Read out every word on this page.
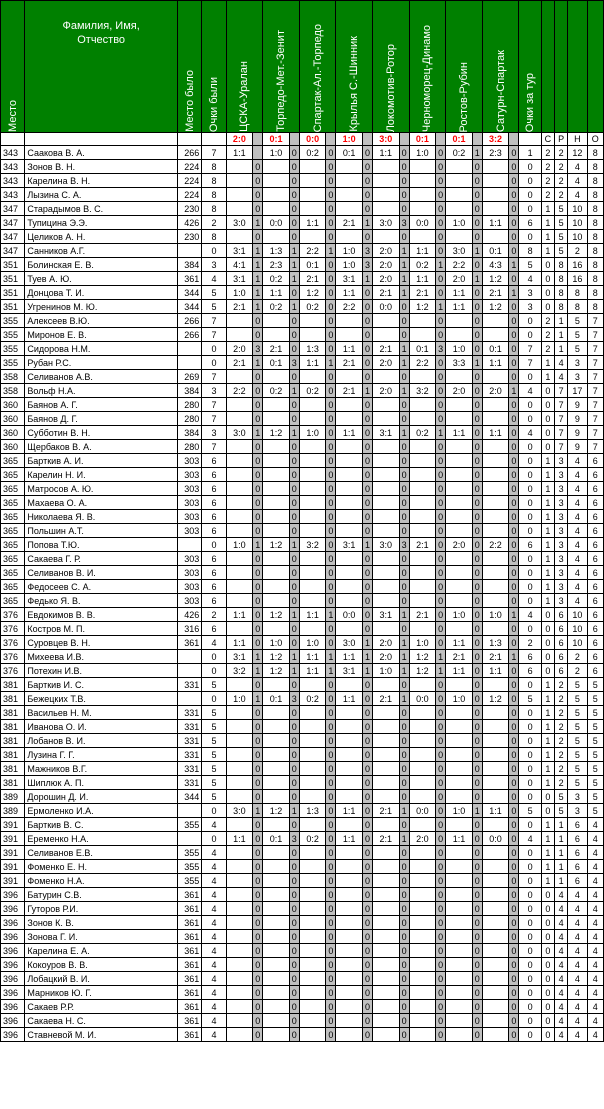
Место	Фамилия, Имя, Отчество	Место было	Очки были	ЦСКА-Уралан		Торпедо-Мет.-Зенит		Спартак-Ал.-Торпедо		Крылья С.-Шинник		Локомотив-Ротор		Черноморец-Динамо		Ростов-Рубин		Сатурн-Спартак		Очки за тур				

				2:0		0:1		0:0		1:0		3:0		0:1		0:1		3:2			С	Р	Н	О
343	Саакова В. А.	266	7	1:1		1:0	0	0:2	0	0:1	0	1:1	0	1:0	0	0:2	1	2:3	0	1	2	2	12	8
343	Зонов В. Н.	224	8		0		0		0		0		0		0		0		0	0	2	2	4	8
343	Карелина В. Н.	224	8		0		0		0		0		0		0		0		0	0	2	2	4	8
343	Лызина С. А.	224	8		0		0		0		0		0		0		0		0	0	2	2	4	8
347	Старадымов В. С.	230	8		0		0		0		0		0		0		0		0	0	1	5	10	8
347	Тупицина Э.Э.	426	2	3:0	1	0:0	0	1:1	0	2:1	1	3:0	3	0:0	0	1:0	0	1:1	0	6	1	5	10	8
347	Целиков А. Н.	230	8		0		0		0		0		0		0		0		0	0	1	5	10	8
347	Санников А.Г.		0	3:1	1	1:3	1	2:2	1	1:0	3	2:0	1	1:1	0	3:0	1	0:1	0	8	1	5	2	8
351	Болинская Е. В.	384	3	4:1	1	2:3	1	0:1	0	1:0	3	2:0	1	0:2	1	2:2	0	4:3	1	5	0	8	16	8
351	Туев А. Ю.	361	4	3:1	1	0:2	1	2:1	0	3:1	1	2:0	1	1:1	0	2:0	1	1:2	0	4	0	8	16	8
351	Донцова Т. И.	344	5	1:0	1	1:1	0	1:2	0	1:1	0	2:1	1	2:1	0	1:1	0	2:1	1	3	0	8	8	8
351	Угренинов М. Ю.	344	5	2:1	1	0:2	1	0:2	0	2:2	0	0:0	0	1:2	1	1:1	0	1:2	0	3	0	8	8	8
355	Алексеев В.Ю.	266	7		0		0		0		0		0		0		0		0	0	2	1	5	7
355	Миронов Е. В.	266	7		0		0		0		0		0		0		0		0	0	2	1	5	7
355	Сидорова Н.М.		0	2:0	3	2:1	0	1:3	0	1:1	0	2:1	1	0:1	3	1:0	0	0:1	0	7	2	1	5	7
355	Рубан Р.С.		0	2:1	1	0:1	3	1:1	1	2:1	0	2:0	1	2:2	0	3:3	1	1:1	0	7	1	4	3	7
358	Селиванов А.В.	269	7		0		0		0		0		0		0		0		0	0	1	4	3	7
358	Вольф Н.А.	384	3	2:2	0	0:2	1	0:2	0	2:1	1	2:0	1	3:2	0	2:0	0	2:0	1	4	0	7	17	7
360	Баянов А. Г.	280	7		0		0		0		0		0		0		0		0	0	0	7	9	7
360	Баянов Д. Г.	280	7		0		0		0		0		0		0		0		0	0	0	7	9	7
360	Субботин В. Н.	384	3	3:0	1	1:2	1	1:0	0	1:1	0	3:1	1	0:2	1	1:1	0	1:1	0	4	0	7	9	7
360	Щербаков В. А.	280	7		0		0		0		0		0		0		0		0	0	0	7	9	7
365	Барткив А. И.	303	6		0		0		0		0		0		0		0		0	0	1	3	4	6
365	Карелин Н. И.	303	6		0		0		0		0		0		0		0		0	0	1	3	4	6
365	Матросов А. Ю.	303	6		0		0		0		0		0		0		0		0	0	1	3	4	6
365	Махаева О. А.	303	6		0		0		0		0		0		0		0		0	0	1	3	4	6
365	Николаева Я. В.	303	6		0		0		0		0		0		0		0		0	0	1	3	4	6
365	Польшин А.Т.	303	6		0		0		0		0		0		0		0		0	0	1	3	4	6
365	Попова Т.Ю.		0	1:0	1	1:2	1	3:2	0	3:1	1	3:0	3	2:1	0	2:0	0	2:2	0	6	1	3	4	6
365	Сакаева Г. Р.	303	6		0		0		0		0		0		0		0		0	0	1	3	4	6
365	Селиванов В. И.	303	6		0		0		0		0		0		0		0		0	0	1	3	4	6
365	Федосеев С. А.	303	6		0		0		0		0		0		0		0		0	0	1	3	4	6
365	Федько Я. В.	303	6		0		0		0		0		0		0		0		0	0	1	3	4	6
376	Евдокимов В. В.	426	2	1:1	0	1:2	1	1:1	1	0:0	0	3:1	1	2:1	0	1:0	0	1:0	1	4	0	6	10	6
376	Костров М. П.	316	6		0		0		0		0		0		0		0		0	0	0	6	10	6
376	Суровцев В. Н.	361	4	1:1	0	1:0	0	1:0	0	3:0	1	2:0	1	1:0	0	1:1	0	1:3	0	2	0	6	10	6
376	Михеева И.В.		0	3:1	1	1:2	1	1:1	1	1:1	1	2:0	1	1:2	1	2:1	0	2:1	1	6	0	6	2	6
376	Потехин И.В.		0	3:2	1	1:2	1	1:1	1	3:1	1	1:0	1	1:2	1	1:1	0	1:1	0	6	0	6	2	6
381	Барткив И. С.	331	5		0		0		0		0		0		0		0		0	0	1	2	5	5
381	Бежецких Т.В.		0	1:0	1	0:1	3	0:2	0	1:1	0	2:1	1	0:0	0	1:0	0	1:2	0	5	1	2	5	5
381	Васильев Н. М.	331	5		0		0		0		0		0		0		0		0	0	1	2	5	5
381	Иванова О. И.	331	5		0		0		0		0		0		0		0		0	0	1	2	5	5
381	Лобанов В. И.	331	5		0		0		0		0		0		0		0		0	0	1	2	5	5
381	Лузина Г. Г.	331	5		0		0		0		0		0		0		0		0	0	1	2	5	5
381	Мажников В.Г.	331	5		0		0		0		0		0		0		0		0	0	1	2	5	5
381	Шиплюк А. П.	331	5		0		0		0		0		0		0		0		0	0	1	2	5	5
389	Дорошин Д. И.	344	5		0		0		0		0		0		0		0		0	0	0	5	3	5
389	Ермоленко И.А.		0	3:0	1	1:2	1	1:3	0	1:1	0	2:1	1	0:0	0	1:0	1	1:1	0	5	0	5	3	5
391	Барткив В. С.	355	4		0		0		0		0		0		0		0		0	0	1	1	6	4
391	Еременко Н.А.		0	1:1	0	0:1	3	0:2	0	1:1	0	2:1	1	2:0	0	1:1	0	0:0	0	4	1	1	6	4
391	Селиванов Е.В.	355	4		0		0		0		0		0		0		0		0	0	1	1	6	4
391	Фоменко Е. Н.	355	4		0		0		0		0		0		0		0		0	0	1	1	6	4
391	Фоменко Н.А.	355	4		0		0		0		0		0		0		0		0	0	1	1	6	4
396	Батурин С.В.	361	4		0		0		0		0		0		0		0		0	0	0	4	4	4
396	Гуторов Р.И.	361	4		0		0		0		0		0		0		0		0	0	0	4	4	4
396	Зонов К. В.	361	4		0		0		0		0		0		0		0		0	0	0	4	4	4
396	Зонова Г. И.	361	4		0		0		0		0		0		0		0		0	0	0	4	4	4
396	Карелина Е. А.	361	4		0		0		0		0		0		0		0		0	0	0	4	4	4
396	Кокоуров В. В.	361	4		0		0		0		0		0		0		0		0	0	0	4	4	4
396	Лобацкий В. И.	361	4		0		0		0		0		0		0		0		0	0	0	4	4	4
396	Марников Ю. Г.	361	4		0		0		0		0		0		0		0		0	0	0	4	4	4
396	Сакаев Р.Р.	361	4		0		0		0		0		0		0		0		0	0	0	4	4	4
396	Сакаева Н. С.	361	4		0		0		0		0		0		0		0		0	0	0	4	4	4
396	Ставневой М. И.	361	4		0		0		0		0		0		0		0		0	0	0	4	4	4
